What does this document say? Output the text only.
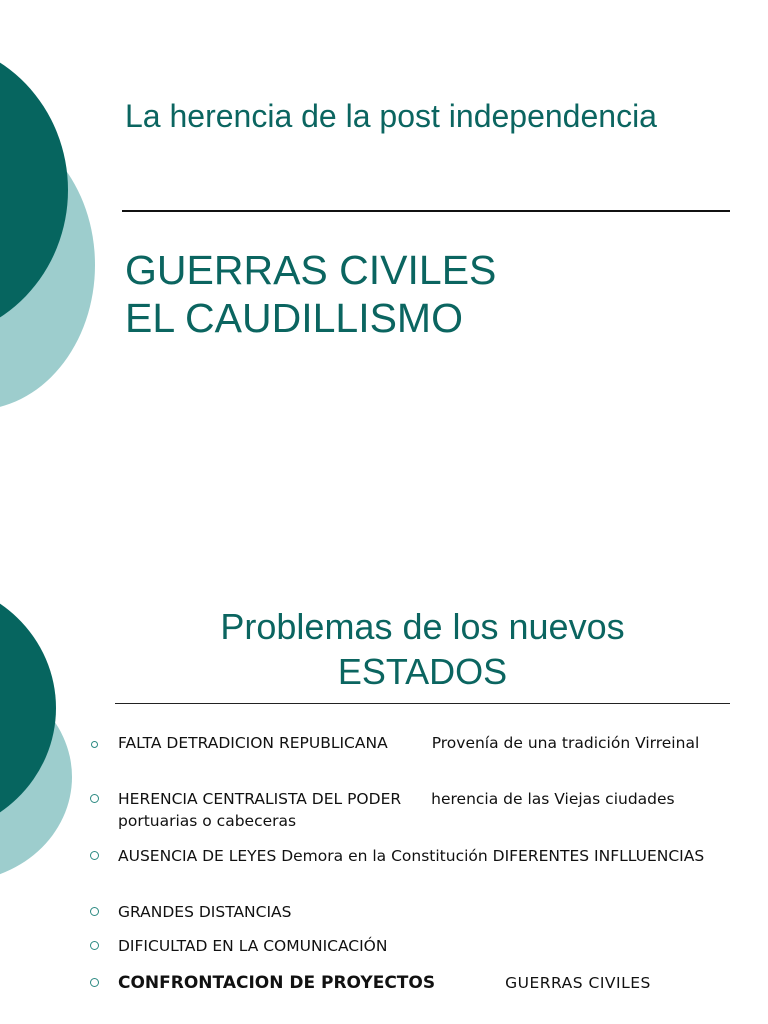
La herencia de la post independencia
GUERRAS CIVILES
EL CAUDILLISMO
Problemas de los nuevos
ESTADOS
FALTA DETRADICION REPUBLICANA	Provenía de una tradición Virreinal
HERENCIA CENTRALISTA DEL PODER herencia de las Viejas ciudades portuarias o cabeceras
AUSENCIA DE LEYES Demora en la Constitución DIFERENTES INFLLUENCIAS
GRANDES DISTANCIAS
DIFICULTAD EN LA COMUNICACIÓN
CONFRONTACION DE PROYECTOS	GUERRAS CIVILES
